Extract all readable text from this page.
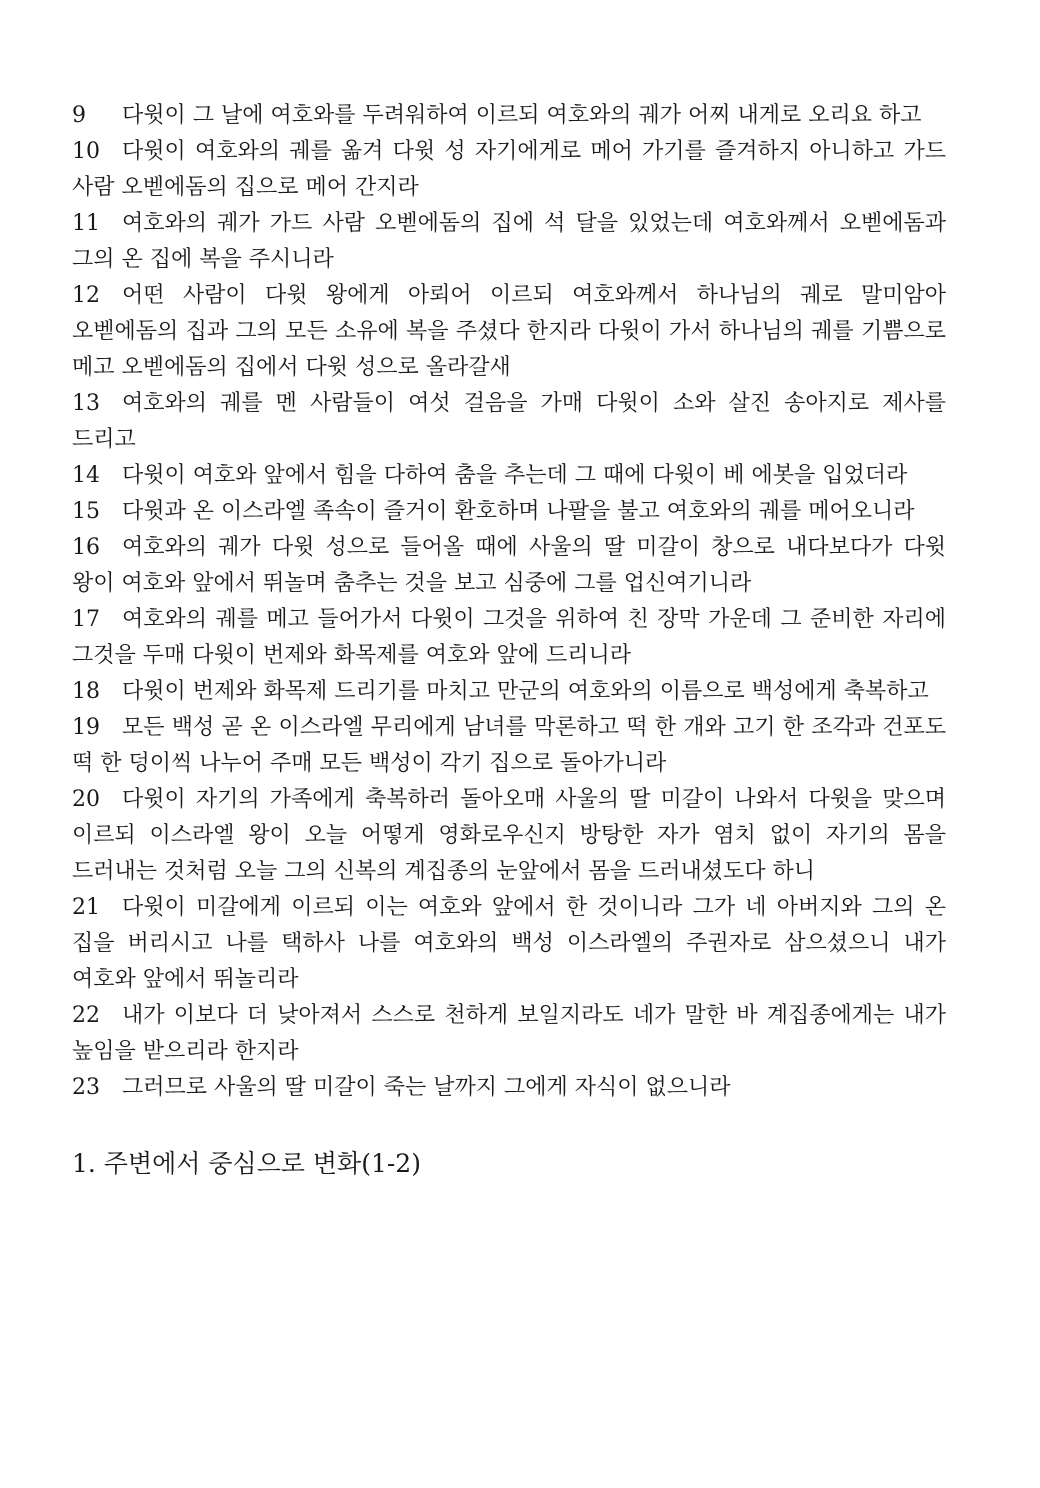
9 다윗이 그 날에 여호와를 두려워하여 이르되 여호와의 궤가 어찌 내게로 오리요 하고

10 다윗이 여호와의 궤를 옮겨 다윗 성 자기에게로 메어 가기를 즐겨하지 아니하고 가드 사람 오벧에돔의 집으로 메어 간지라

11 여호와의 궤가 가드 사람 오벧에돔의 집에 석 달을 있었는데 여호와께서 오벧에돔과 그의 온 집에 복을 주시니라

12 어떤 사람이 다윗 왕에게 아뢰어 이르되 여호와께서 하나님의 궤로 말미암아 오벧에돔의 집과 그의 모든 소유에 복을 주셨다 한지라 다윗이 가서 하나님의 궤를 기쁨으로 메고 오벧에돔의 집에서 다윗 성으로 올라갈새

13 여호와의 궤를 멘 사람들이 여섯 걸음을 가매 다윗이 소와 살진 송아지로 제사를 드리고

14 다윗이 여호와 앞에서 힘을 다하여 춤을 추는데 그 때에 다윗이 베 에봇을 입었더라

15 다윗과 온 이스라엘 족속이 즐거이 환호하며 나팔을 불고 여호와의 궤를 메어오니라

16 여호와의 궤가 다윗 성으로 들어올 때에 사울의 딸 미갈이 창으로 내다보다가 다윗 왕이 여호와 앞에서 뛰놀며 춤추는 것을 보고 심중에 그를 업신여기니라

17 여호와의 궤를 메고 들어가서 다윗이 그것을 위하여 친 장막 가운데 그 준비한 자리에 그것을 두매 다윗이 번제와 화목제를 여호와 앞에 드리니라

18 다윗이 번제와 화목제 드리기를 마치고 만군의 여호와의 이름으로 백성에게 축복하고

19 모든 백성 곧 온 이스라엘 무리에게 남녀를 막론하고 떡 한 개와 고기 한 조각과 건포도 떡 한 덩이씩 나누어 주매 모든 백성이 각기 집으로 돌아가니라

20 다윗이 자기의 가족에게 축복하러 돌아오매 사울의 딸 미갈이 나와서 다윗을 맞으며 이르되 이스라엘 왕이 오늘 어떻게 영화로우신지 방탕한 자가 염치 없이 자기의 몸을 드러내는 것처럼 오늘 그의 신복의 계집종의 눈앞에서 몸을 드러내셨도다 하니

21 다윗이 미갈에게 이르되 이는 여호와 앞에서 한 것이니라 그가 네 아버지와 그의 온 집을 버리시고 나를 택하사 나를 여호와의 백성 이스라엘의 주권자로 삼으셨으니 내가 여호와 앞에서 뛰놀리라

22 내가 이보다 더 낮아져서 스스로 천하게 보일지라도 네가 말한 바 계집종에게는 내가 높임을 받으리라 한지라

23 그러므로 사울의 딸 미갈이 죽는 날까지 그에게 자식이 없으니라

1. 주변에서 중심으로 변화(1-2)
